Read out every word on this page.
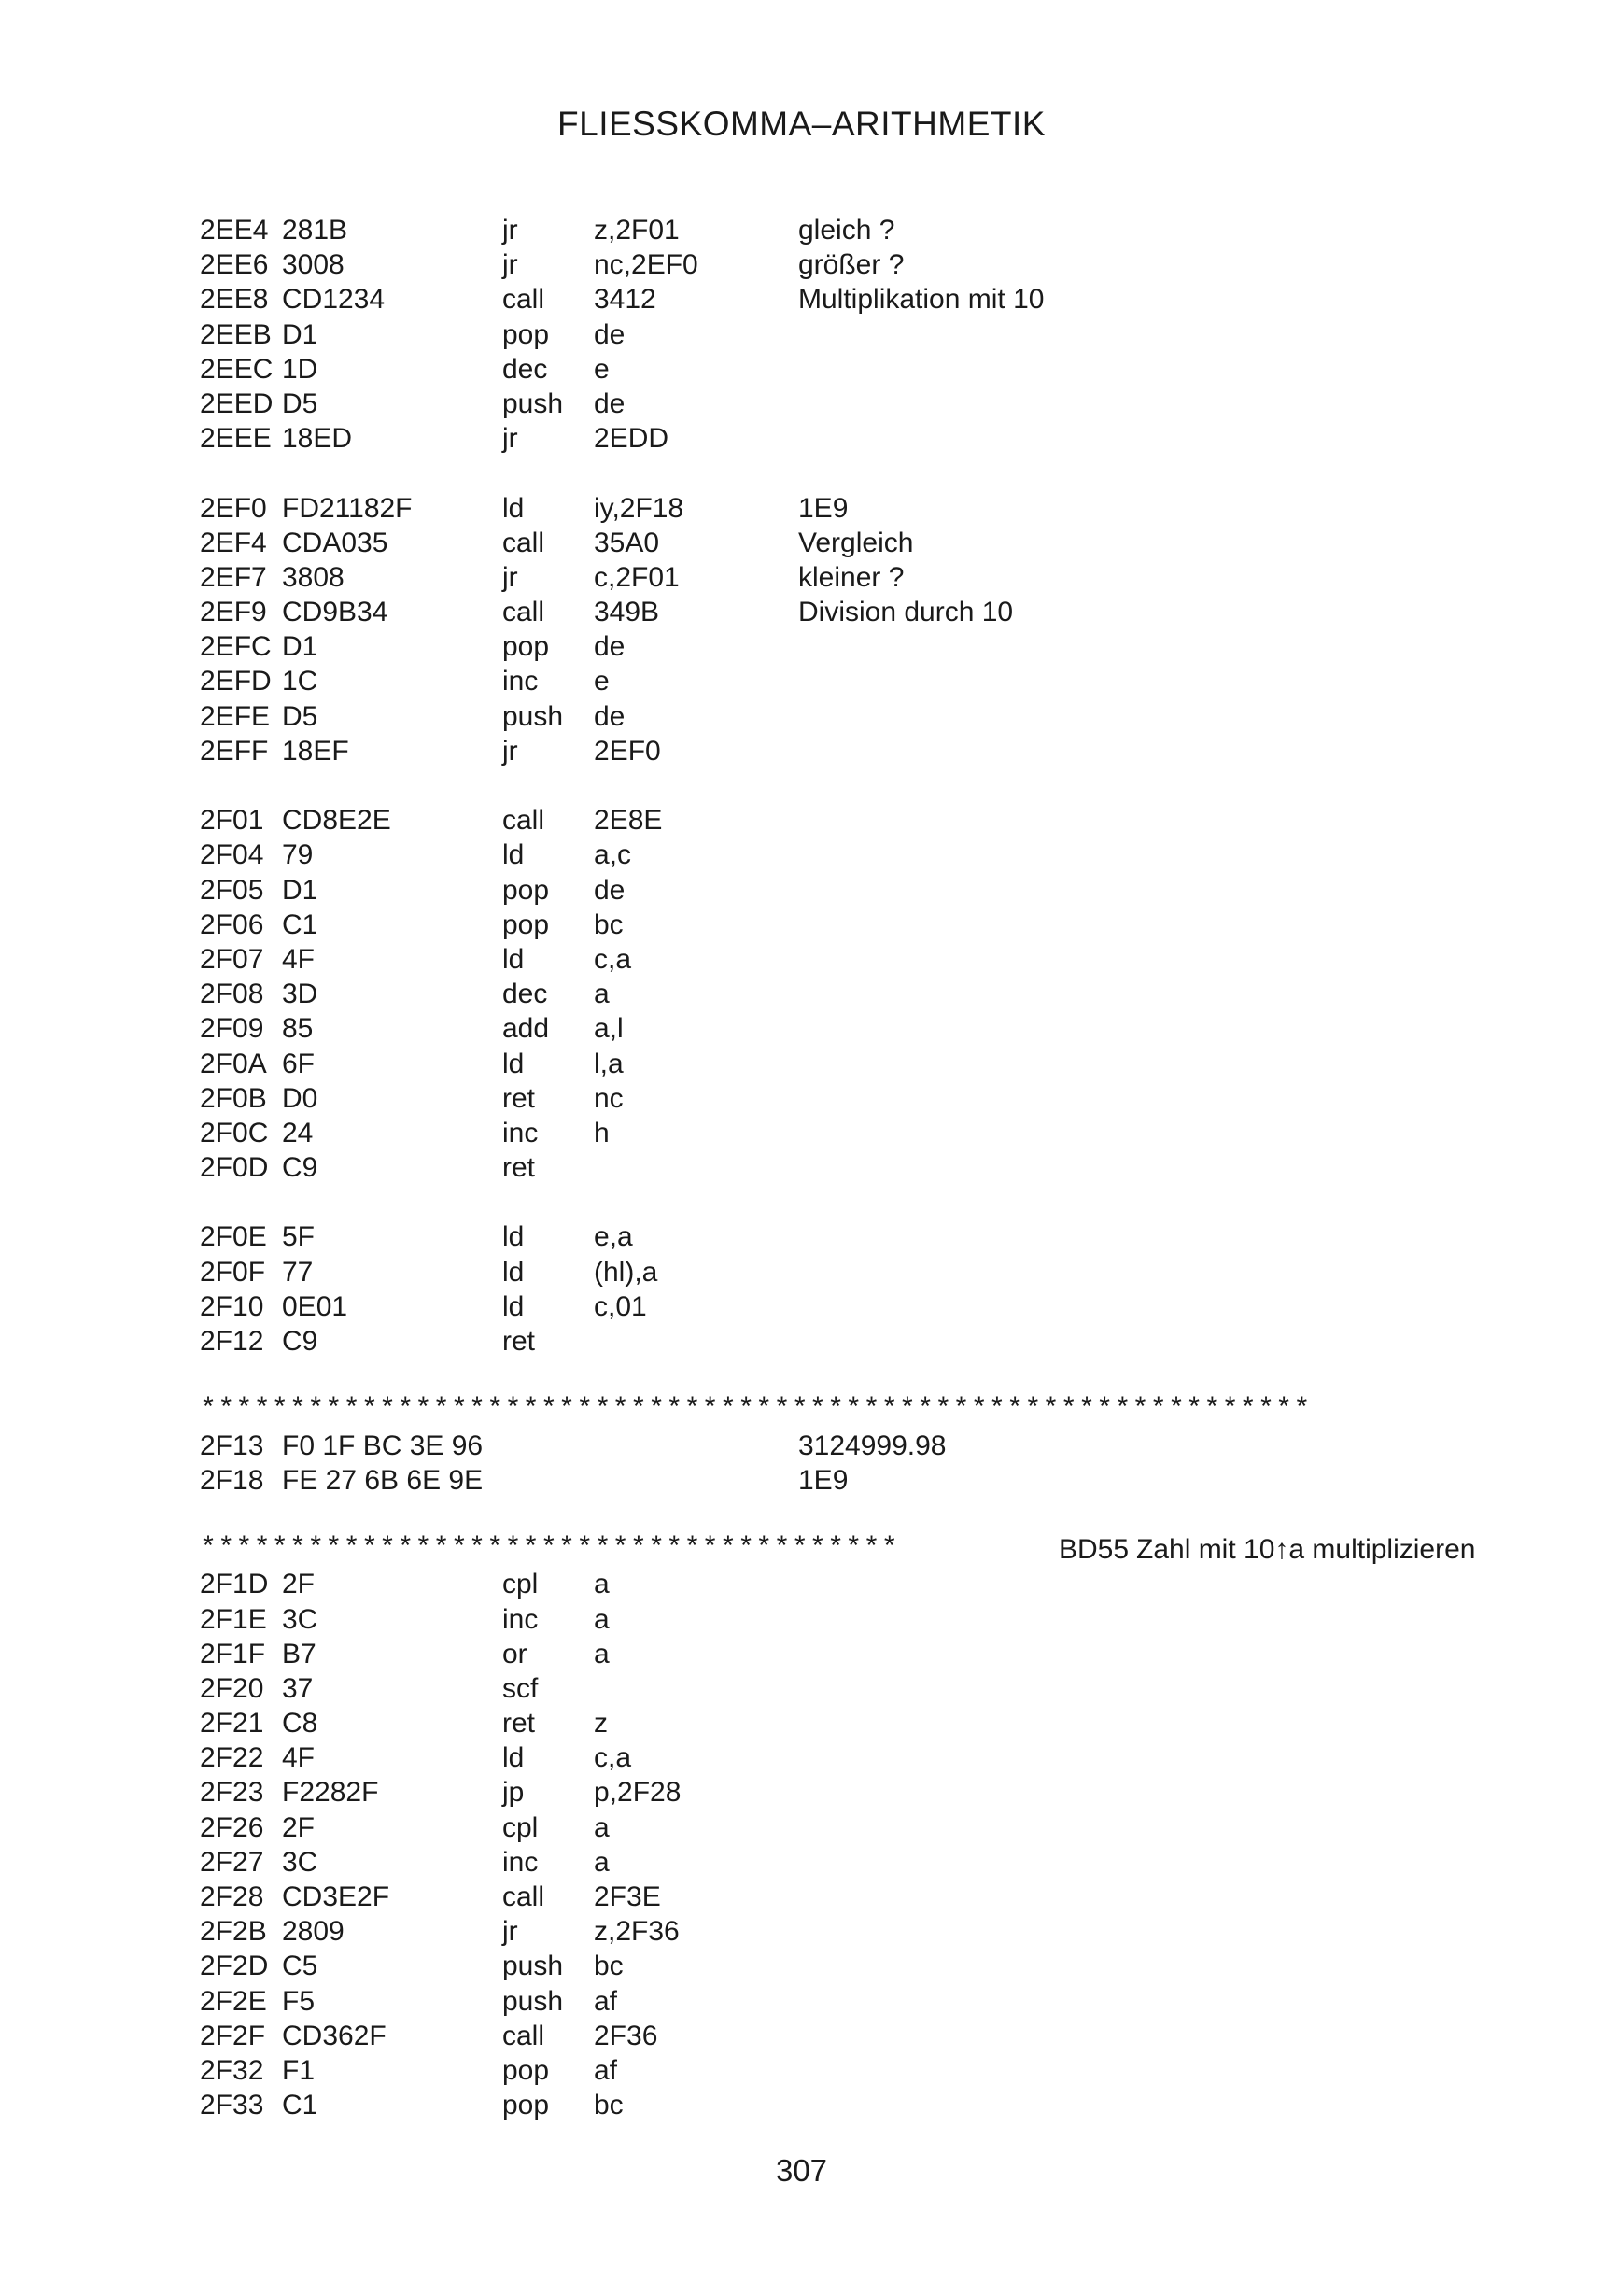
FLIESSKOMMA–ARITHMETIK
2EE4 281B	jr	z,2F01	gleich ?
2EE6 3008	jr	nc,2EF0	größer ?
2EE8 CD1234	call 3412	Multiplikation mit 10
2EEB D1	pop de
2EEC 1D	dec e
2EED D5	push de
2EEE 18ED	jr	2EDD
2EF0 FD21182F	ld iy,2F18	1E9
2EF4 CDA035	call 35A0	Vergleich
2EF7 3808	jr	c,2F01	kleiner ?
2EF9 CD9B34	call 349B	Division durch 10
2EFC D1	pop de
2EFD 1C	inc e
2EFE D5	push de
2EFF 18EF	jr	2EF0
2F01 CD8E2E	call 2E8E
2F04 79	ld a,c
2F05 D1	pop de
2F06 C1	pop bc
2F07 4F	ld c,a
2F08 3D	dec a
2F09 85	add a,l
2F0A 6F	ld l,a
2F0B D0	ret nc
2F0C 24	inc h
2F0D C9	ret
2F0E 5F	ld e,a
2F0F 77	ld (hl),a
2F10 0E01	ld c,01
2F12 C9	ret
**************************************************************
2F13 F0 1F BC 3E 96	3124999.98
2F18 FE 27 6B 6E 9E	1E9
***************************************	BD55 Zahl mit 10↑a multiplizieren
2F1D 2F	cpl a
2F1E 3C	inc a
2F1F B7	or a
2F20 37	scf
2F21 C8	ret z
2F22 4F	ld c,a
2F23 F2282F	jp p,2F28
2F26 2F	cpl a
2F27 3C	inc a
2F28 CD3E2F	call 2F3E
2F2B 2809	jr	z,2F36
2F2D C5	push bc
2F2E F5	push af
2F2F CD362F	call 2F36
2F32 F1	pop af
2F33 C1	pop bc
307
